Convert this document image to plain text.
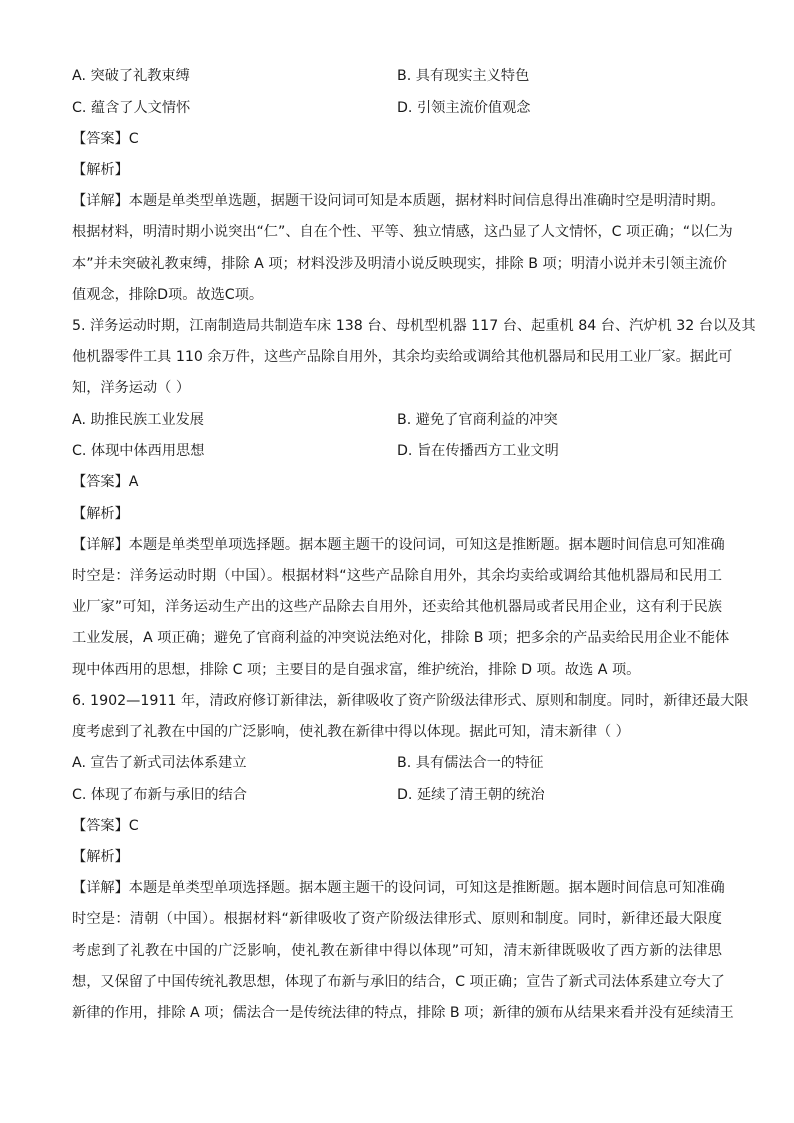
A. 突破了礼教束缚	B. 具有现实主义特色
C. 蕴含了人文情怀	D. 引领主流价值观念
【答案】C
【解析】
【详解】本题是单类型单选题，据题干设问词可知是本质题，据材料时间信息得出准确时空是明清时期。
根据材料，明清时期小说突出“仁”、自在个性、平等、独立情感，这凸显了人文情怀，C 项正确；“以仁为
本”并未突破礼教束缚，排除 A 项；材料没涉及明清小说反映现实，排除 B 项；明清小说并未引领主流价
值观念，排除D项。故选C项。
5. 洋务运动时期，江南制造局共制造车床 138 台、母机型机器 117 台、起重机 84 台、汽炉机 32 台以及其
他机器零件工具 110 余万件，这些产品除自用外，其余均卖给或调给其他机器局和民用工业厂家。据此可
知，洋务运动（ ）
A. 助推民族工业发展	B. 避免了官商利益的冲突
C. 体现中体西用思想	D. 旨在传播西方工业文明
【答案】A
【解析】
【详解】本题是单类型单项选择题。据本题主题干的设问词，可知这是推断题。据本题时间信息可知准确
时空是：洋务运动时期（中国）。根据材料“这些产品除自用外，其余均卖给或调给其他机器局和民用工
业厂家”可知，洋务运动生产出的这些产品除去自用外，还卖给其他机器局或者民用企业，这有利于民族
工业发展，A 项正确；避免了官商利益的冲突说法绝对化，排除 B 项；把多余的产品卖给民用企业不能体
现中体西用的思想，排除 C 项；主要目的是自强求富，维护统治，排除 D 项。故选 A 项。
6. 1902—1911 年，清政府修订新律法，新律吸收了资产阶级法律形式、原则和制度。同时，新律还最大限
度考虑到了礼教在中国的广泛影响，使礼教在新律中得以体现。据此可知，清末新律（ ）
A. 宣告了新式司法体系建立	B. 具有儒法合一的特征
C. 体现了布新与承旧的结合	D. 延续了清王朝的统治
【答案】C
【解析】
【详解】本题是单类型单项选择题。据本题主题干的设问词，可知这是推断题。据本题时间信息可知准确
时空是：清朝（中国）。根据材料“新律吸收了资产阶级法律形式、原则和制度。同时，新律还最大限度
考虑到了礼教在中国的广泛影响，使礼教在新律中得以体现”可知，清末新律既吸收了西方新的法律思
想，又保留了中国传统礼教思想，体现了布新与承旧的结合，C 项正确；宣告了新式司法体系建立夸大了
新律的作用，排除 A 项；儒法合一是传统法律的特点，排除 B 项；新律的颁布从结果来看并没有延续清王
